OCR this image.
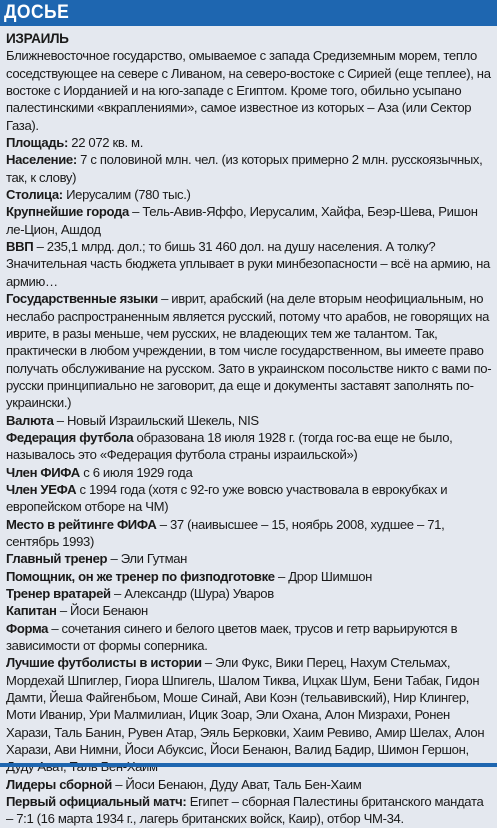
ДОСЬЕ
ИЗРАИЛЬ
Ближневосточное государство, омываемое с запада Средиземным морем, тепло соседствующее на севере с Ливаном, на северо-востоке с Сирией (еще теплее), на востоке с Иорданией и на юго-западе с Египтом. Кроме того, обильно усыпано палестинскими «вкраплениями», самое известное из которых – Аза (или Сектор Газа).
Площадь: 22 072 кв. м.
Население: 7 с половиной млн. чел. (из которых примерно 2 млн. русскоязычных, так, к слову)
Столица: Иерусалим (780 тыс.)
Крупнейшие города – Тель-Авив-Яффо, Иерусалим, Хайфа, Беэр-Шева, Ришон ле-Цион, Ашдод
ВВП – 235,1 млрд. дол.; то бишь 31 460 дол. на душу населения. А толку? Значительная часть бюджета уплывает в руки минбезопасности – всё на армию, на армию…
Государственные языки – иврит, арабский (на деле вторым неофициальным, но неслабо распространенным является русский, потому что арабов, не говорящих на иврите, в разы меньше, чем русских, не владеющих тем же талантом. Так, практически в любом учреждении, в том числе государственном, вы имеете право получать обслуживание на русском. Зато в украинском посольстве никто с вами по-русски принципиально не заговорит, да еще и документы заставят заполнять по-украински.)
Валюта – Новый Израильский Шекель, NIS
Федерация футбола образована 18 июля 1928 г. (тогда гос-ва еще не было, называлось это «Федерация футбола страны израильской»)
Член ФИФА с 6 июля 1929 года
Член УЕФА с 1994 года (хотя с 92-го уже вовсю участвовала в еврокубках и европейском отборе на ЧМ)
Место в рейтинге ФИФА – 37 (наивысшее – 15, ноябрь 2008, худшее – 71, сентябрь 1993)
Главный тренер – Эли Гутман
Помощник, он же тренер по физподготовке – Дрор Шимшон
Тренер вратарей – Александр (Шура) Уваров
Капитан – Йоси Бенаюн
Форма – сочетания синего и белого цветов маек, трусов и гетр варьируются в зависимости от формы соперника.
Лучшие футболисты в истории – Эли Фукс, Вики Перец, Нахум Стельмах, Мордехай Шпиглер, Гиора Шпигель, Шалом Тиква, Ицхак Шум, Бени Табак, Гидон Дамти, Йеша Файгенбьом, Моше Синай, Ави Коэн (тельавивский), Нир Клингер, Моти Иванир, Ури Малмилиан, Ицик Зоар, Эли Охана, Алон Мизрахи, Ронен Харази, Таль Банин, Рувен Атар, Эяль Берковки, Хаим Ревиво, Амир Шелах, Алон Харази, Ави Нимни, Йоси Абуксис, Йоси Бенаюн, Валид Бадир, Шимон Гершон,
Лидеры сборной – Йоси Бенаюн, Дуду Ават, Таль Бен-Хаим
Первый официальный матч: Египет – сборная Палестины британского мандата – 7:1 (16 марта 1934 г., лагерь британских войск, Каир), отбор ЧМ-34.
